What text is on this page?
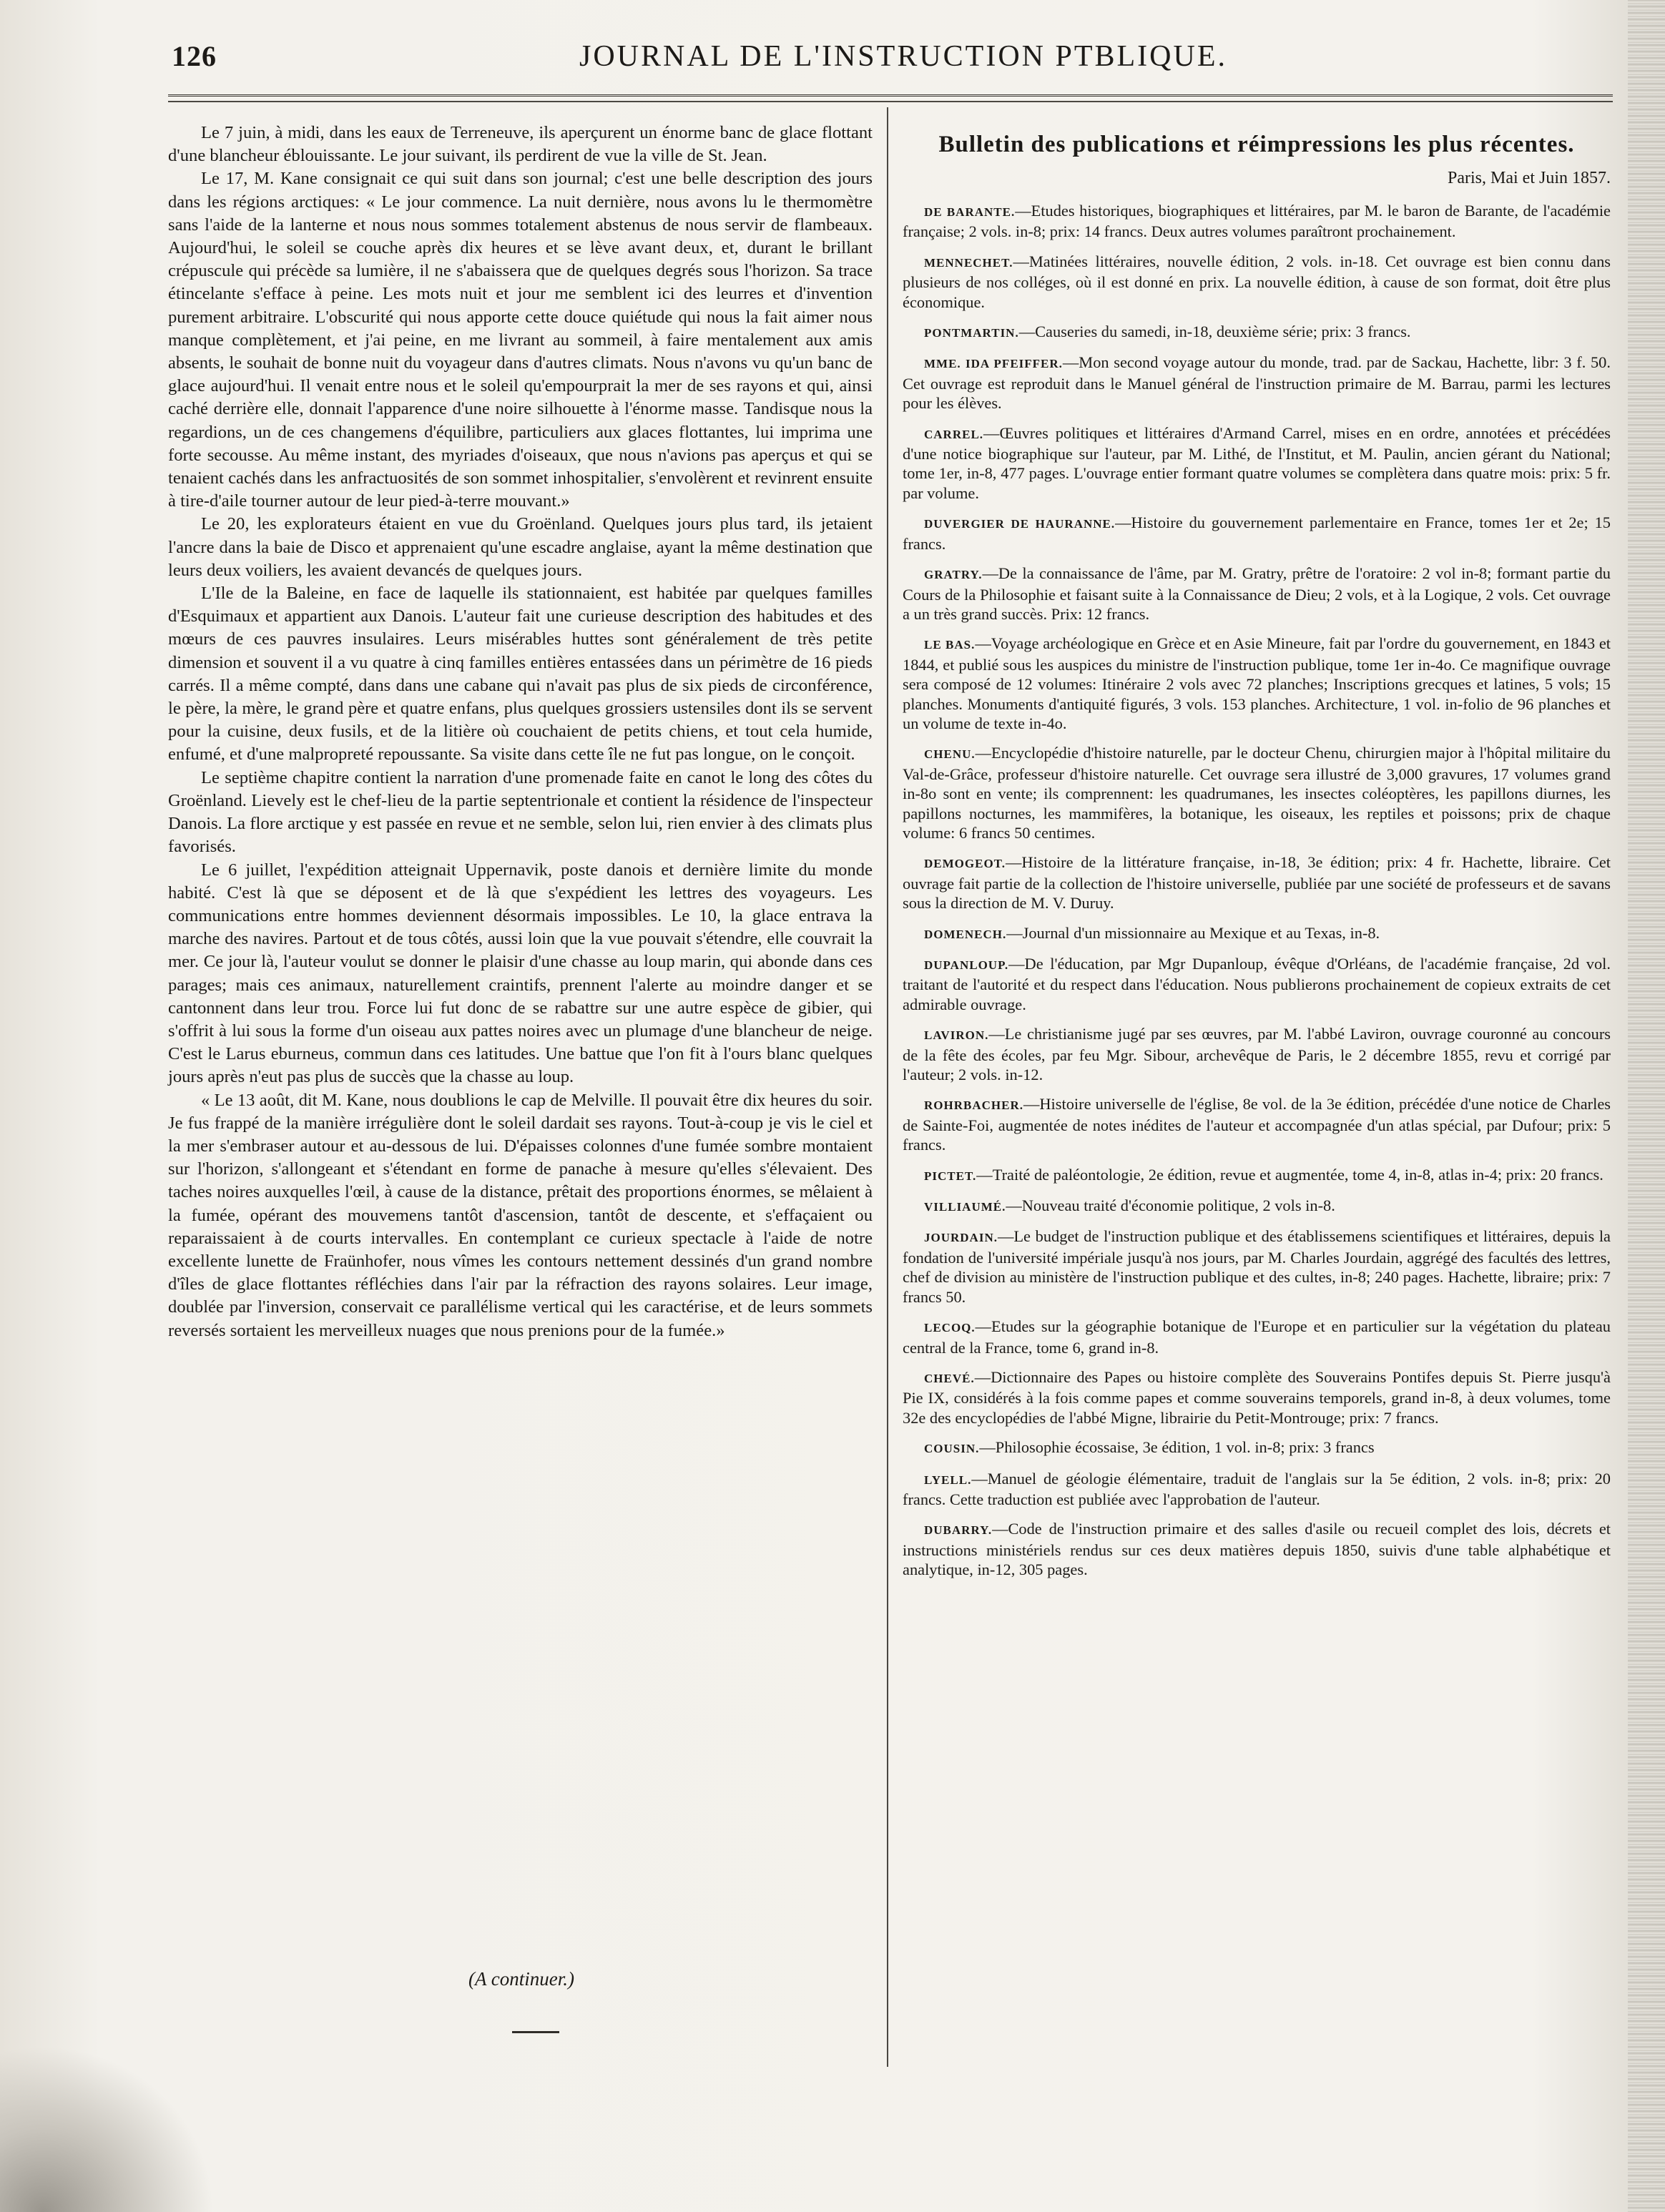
126	JOURNAL DE L'INSTRUCTION PTBLIQUE.

Le 7 juin, à midi, dans les eaux de Terreneuve, ils aperçurent un énorme banc de glace flottant d'une blancheur éblouissante. Le jour suivant, ils perdirent de vue la ville de St. Jean.

Le 17, M. Kane consignait ce qui suit dans son journal; c'est une belle description des jours dans les régions arctiques: « Le jour commence. La nuit dernière, nous avons lu le thermomètre sans l'aide de la lanterne et nous nous sommes totalement abstenus de nous servir de flambeaux. Aujourd'hui, le soleil se couche après dix heures et se lève avant deux, et, durant le brillant crépuscule qui précède sa lumière, il ne s'abaissera que de quelques degrés sous l'horizon. Sa trace étincelante s'efface à peine. Les mots nuit et jour me semblent ici des leurres et d'invention purement arbitraire. L'obscurité qui nous apporte cette douce quiétude qui nous la fait aimer nous manque complètement, et j'ai peine, en me livrant au sommeil, à faire mentalement aux amis absents, le souhait de bonne nuit du voyageur dans d'autres climats. Nous n'avons vu qu'un banc de glace aujourd'hui. Il venait entre nous et le soleil qu'empourprait la mer de ses rayons et qui, ainsi caché derrière elle, donnait l'apparence d'une noire silhouette à l'énorme masse. Tandisque nous la regardions, un de ces changemens d'équilibre, particuliers aux glaces flottantes, lui imprima une forte secousse. Au même instant, des myriades d'oiseaux, que nous n'avions pas aperçus et qui se tenaient cachés dans les anfractuosités de son sommet inhospitalier, s'envolèrent et revinrent ensuite à tire-d'aile tourner autour de leur pied-à-terre mouvant.»

Le 20, les explorateurs étaient en vue du Groënland. Quelques jours plus tard, ils jetaient l'ancre dans la baie de Disco et apprenaient qu'une escadre anglaise, ayant la même destination que leurs deux voiliers, les avaient devancés de quelques jours.

L'Ile de la Baleine, en face de laquelle ils stationnaient, est habitée par quelques familles d'Esquimaux et appartient aux Danois. L'auteur fait une curieuse description des habitudes et des mœurs de ces pauvres insulaires. Leurs misérables huttes sont généralement de très petite dimension et souvent il a vu quatre à cinq familles entières entassées dans un périmètre de 16 pieds carrés. Il a même compté, dans dans une cabane qui n'avait pas plus de six pieds de circonférence, le père, la mère, le grand père et quatre enfans, plus quelques grossiers ustensiles dont ils se servent pour la cuisine, deux fusils, et de la litière où couchaient de petits chiens, et tout cela humide, enfumé, et d'une malpropreté repoussante. Sa visite dans cette île ne fut pas longue, on le conçoit.

Le septième chapitre contient la narration d'une promenade faite en canot le long des côtes du Groënland. Lievely est le chef-lieu de la partie septentrionale et contient la résidence de l'inspecteur Danois. La flore arctique y est passée en revue et ne semble, selon lui, rien envier à des climats plus favorisés.

Le 6 juillet, l'expédition atteignait Uppernavik, poste danois et dernière limite du monde habité. C'est là que se déposent et de là que s'expédient les lettres des voyageurs. Les communications entre hommes deviennent désormais impossibles. Le 10, la glace entrava la marche des navires. Partout et de tous côtés, aussi loin que la vue pouvait s'étendre, elle couvrait la mer. Ce jour là, l'auteur voulut se donner le plaisir d'une chasse au loup marin, qui abonde dans ces parages; mais ces animaux, naturellement craintifs, prennent l'alerte au moindre danger et se cantonnent dans leur trou. Force lui fut donc de se rabattre sur une autre espèce de gibier, qui s'offrit à lui sous la forme d'un oiseau aux pattes noires avec un plumage d'une blancheur de neige. C'est le Larus eburneus, commun dans ces latitudes. Une battue que l'on fit à l'ours blanc quelques jours après n'eut pas plus de succès que la chasse au loup.

« Le 13 août, dit M. Kane, nous doublions le cap de Melville. Il pouvait être dix heures du soir. Je fus frappé de la manière irrégulière dont le soleil dardait ses rayons. Tout-à-coup je vis le ciel et la mer s'embraser autour et au-dessous de lui. D'épaisses colonnes d'une fumée sombre montaient sur l'horizon, s'allongeant et s'étendant en forme de panache à mesure qu'elles s'élevaient. Des taches noires auxquelles l'œil, à cause de la distance, prêtait des proportions énormes, se mêlaient à la fumée, opérant des mouvemens tantôt d'ascension, tantôt de descente, et s'effaçaient ou reparaissaient à de courts intervalles. En contemplant ce curieux spectacle à l'aide de notre excellente lunette de Fraünhofer, nous vîmes les contours nettement dessinés d'un grand nombre d'îles de glace flottantes réfléchies dans l'air par la réfraction des rayons solaires. Leur image, doublée par l'inversion, conservait ce parallélisme vertical qui les caractérise, et de leurs sommets reversés sortaient les merveilleux nuages que nous prenions pour de la fumée.»

(A continuer.)
Bulletin des publications et réimpressions les plus récentes.
Paris, Mai et Juin 1857.

DE BARANTE.—Etudes historiques, biographiques et littéraires, par M. le baron de Barante, de l'académie française; 2 vols. in-8; prix: 14 francs. Deux autres volumes paraîtront prochainement.

MENNECHET.—Matinées littéraires, nouvelle édition, 2 vols. in-18. Cet ouvrage est bien connu dans plusieurs de nos colléges, où il est donné en prix. La nouvelle édition, à cause de son format, doit être plus économique.

PONTMARTIN.—Causeries du samedi, in-18, deuxième série; prix: 3 francs.

MME. IDA PFEIFFER.—Mon second voyage autour du monde, trad. par de Sackau, Hachette, libr: 3 f. 50. Cet ouvrage est reproduit dans le Manuel général de l'instruction primaire de M. Barrau, parmi les lectures pour les élèves.

CARREL.—Œuvres politiques et littéraires d'Armand Carrel, mises en en ordre, annotées et précédées d'une notice biographique sur l'auteur, par M. Lithé, de l'Institut, et M. Paulin, ancien gérant du National; tome 1er, in-8, 477 pages. L'ouvrage entier formant quatre volumes se complètera dans quatre mois: prix: 5 fr. par volume.

DUVERGIER DE HAURANNE.—Histoire du gouvernement parlementaire en France, tomes 1er et 2e; 15 francs.

GRATRY.—De la connaissance de l'âme, par M. Gratry, prêtre de l'oratoire: 2 vol in-8; formant partie du Cours de la Philosophie et faisant suite à la Connaissance de Dieu; 2 vols, et à la Logique, 2 vols. Cet ouvrage a un très grand succès. Prix: 12 francs.

LE BAS.—Voyage archéologique en Grèce et en Asie Mineure, fait par l'ordre du gouvernement, en 1843 et 1844, et publié sous les auspices du ministre de l'instruction publique, tome 1er in-4o. Ce magnifique ouvrage sera composé de 12 volumes: Itinéraire 2 vols avec 72 planches; Inscriptions grecques et latines, 5 vols; 15 planches. Monuments d'antiquité figurés, 3 vols. 153 planches. Architecture, 1 vol. in-folio de 96 planches et un volume de texte in-4o.

CHENU.—Encyclopédie d'histoire naturelle, par le docteur Chenu, chirurgien major à l'hôpital militaire du Val-de-Grâce, professeur d'histoire naturelle. Cet ouvrage sera illustré de 3,000 gravures, 17 volumes grand in-8o sont en vente; ils comprennent: les quadrumanes, les insectes coléoptères, les papillons diurnes, les papillons nocturnes, les mammifères, la botanique, les oiseaux, les reptiles et poissons; prix de chaque volume: 6 francs 50 centimes.

DEMOGEOT.—Histoire de la littérature française, in-18, 3e édition; prix: 4 fr. Hachette, libraire. Cet ouvrage fait partie de la collection de l'histoire universelle, publiée par une société de professeurs et de savans sous la direction de M. V. Duruy.

DOMENECH.—Journal d'un missionnaire au Mexique et au Texas, in-8.

DUPANLOUP.—De l'éducation, par Mgr Dupanloup, évêque d'Orléans, de l'académie française, 2d vol. traitant de l'autorité et du respect dans l'éducation. Nous publierons prochainement de copieux extraits de cet admirable ouvrage.

LAVIRON.—Le christianisme jugé par ses œuvres, par M. l'abbé Laviron, ouvrage couronné au concours de la fête des écoles, par feu Mgr. Sibour, archevêque de Paris, le 2 décembre 1855, revu et corrigé par l'auteur; 2 vols. in-12.

ROHRBACHER.—Histoire universelle de l'église, 8e vol. de la 3e édition, précédée d'une notice de Charles de Sainte-Foi, augmentée de notes inédites de l'auteur et accompagnée d'un atlas spécial, par Dufour; prix: 5 francs.

PICTET.—Traité de paléontologie, 2e édition, revue et augmentée, tome 4, in-8, atlas in-4; prix: 20 francs.

VILLIAUMÉ.—Nouveau traité d'économie politique, 2 vols in-8.

JOURDAIN.—Le budget de l'instruction publique et des établissemens scientifiques et littéraires, depuis la fondation de l'université impériale jusqu'à nos jours, par M. Charles Jourdain, aggrégé des facultés des lettres, chef de division au ministère de l'instruction publique et des cultes, in-8; 240 pages. Hachette, libraire; prix: 7 francs 50.

LECOQ.—Etudes sur la géographie botanique de l'Europe et en particulier sur la végétation du plateau central de la France, tome 6, grand in-8.

CHEVÉ.—Dictionnaire des Papes ou histoire complète des Souverains Pontifes depuis St. Pierre jusqu'à Pie IX, considérés à la fois comme papes et comme souverains temporels, grand in-8, à deux volumes, tome 32e des encyclopédies de l'abbé Migne, librairie du Petit-Montrouge; prix: 7 francs.

COUSIN.—Philosophie écossaise, 3e édition, 1 vol. in-8; prix: 3 francs

LYELL.—Manuel de géologie élémentaire, traduit de l'anglais sur la 5e édition, 2 vols. in-8; prix: 20 francs. Cette traduction est publiée avec l'approbation de l'auteur.

DUBARRY.—Code de l'instruction primaire et des salles d'asile ou recueil complet des lois, décrets et instructions ministériels rendus sur ces deux matières depuis 1850, suivis d'une table alphabétique et analytique, in-12, 305 pages.
